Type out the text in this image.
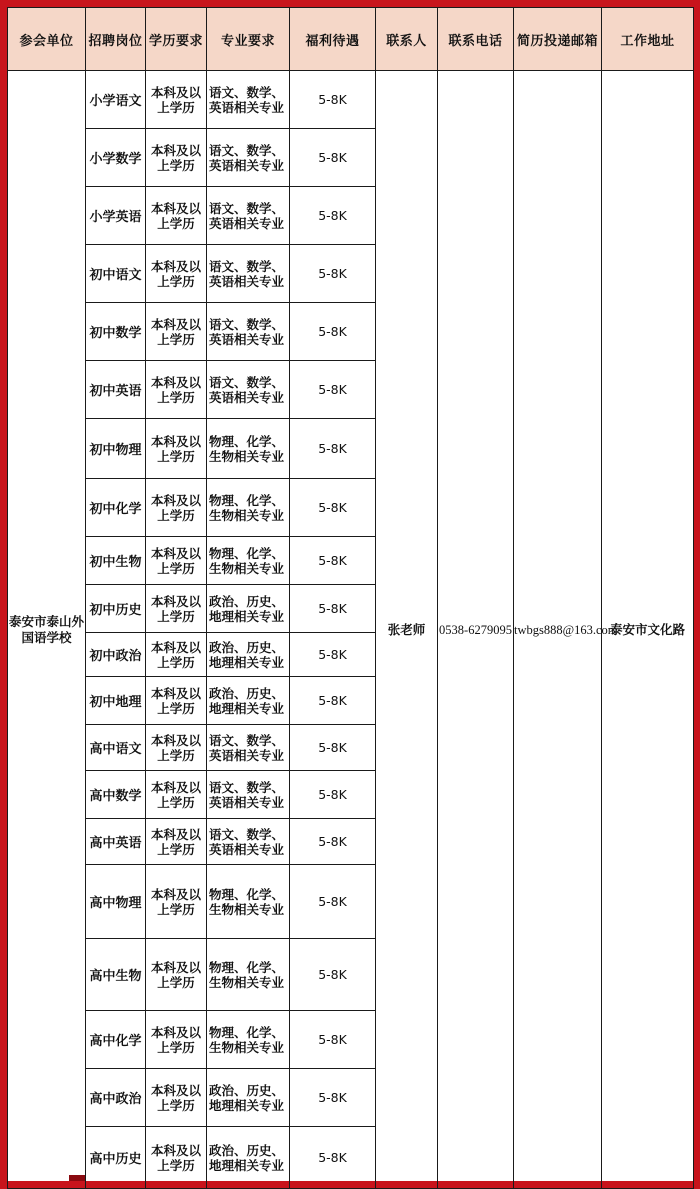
参会单位	招聘岗位	学历要求	专业要求	福利待遇	联系人	联系电话	简历投递邮箱	工作地址
泰安市泰山外国语学校	小学语文	本科及以上学历	语文、数学、英语相关专业	5-8K	张老师	0538-6279095	twbgs888@163.com	泰安市文化路
	小学数学	本科及以上学历	语文、数学、英语相关专业	5-8K				
	小学英语	本科及以上学历	语文、数学、英语相关专业	5-8K				
	初中语文	本科及以上学历	语文、数学、英语相关专业	5-8K				
	初中数学	本科及以上学历	语文、数学、英语相关专业	5-8K				
	初中英语	本科及以上学历	语文、数学、英语相关专业	5-8K				
	初中物理	本科及以上学历	物理、化学、生物相关专业	5-8K				
	初中化学	本科及以上学历	物理、化学、生物相关专业	5-8K				
	初中生物	本科及以上学历	物理、化学、生物相关专业	5-8K				
	初中历史	本科及以上学历	政治、历史、地理相关专业	5-8K				
	初中政治	本科及以上学历	政治、历史、地理相关专业	5-8K				
	初中地理	本科及以上学历	政治、历史、地理相关专业	5-8K				
	高中语文	本科及以上学历	语文、数学、英语相关专业	5-8K				
	高中数学	本科及以上学历	语文、数学、英语相关专业	5-8K				
	高中英语	本科及以上学历	语文、数学、英语相关专业	5-8K				
	高中物理	本科及以上学历	物理、化学、生物相关专业	5-8K				
	高中生物	本科及以上学历	物理、化学、生物相关专业	5-8K				
	高中化学	本科及以上学历	物理、化学、生物相关专业	5-8K				
	高中政治	本科及以上学历	政治、历史、地理相关专业	5-8K				
	高中历史	本科及以上学历	政治、历史、地理相关专业	5-8K				
